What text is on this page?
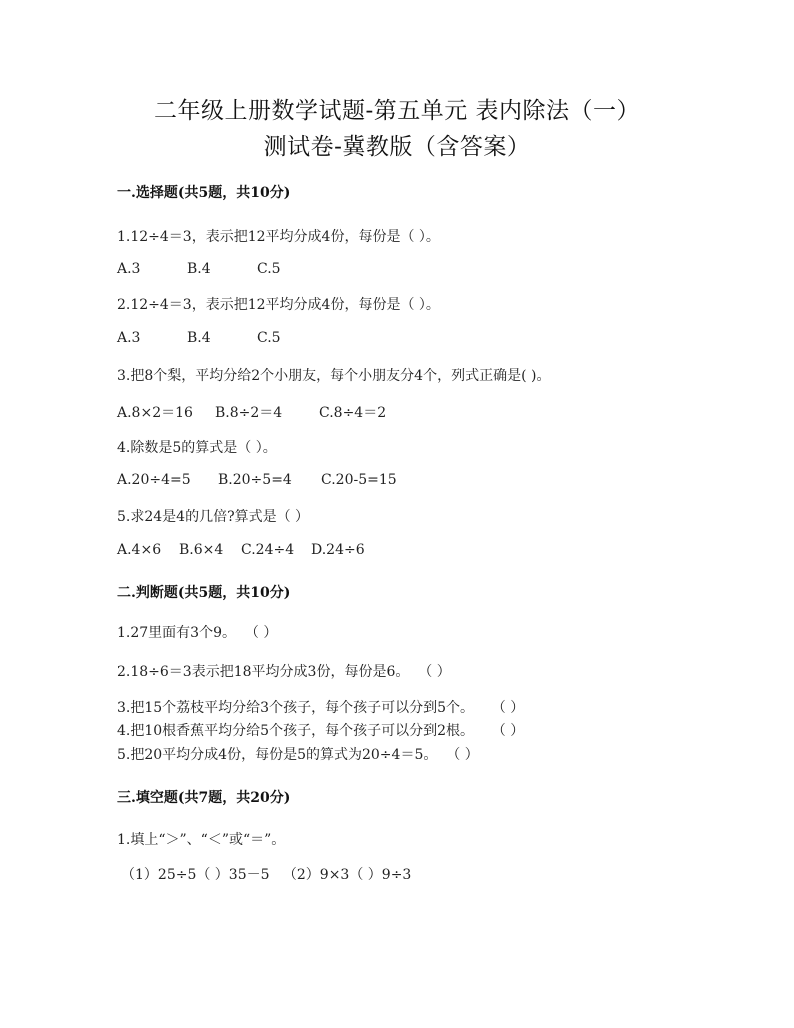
二年级上册数学试题-第五单元 表内除法（一）
测试卷-冀教版（含答案）
一.选择题(共5题，共10分)
1.12÷4＝3，表示把12平均分成4份，每份是（ ）。
A.3	B.4	C.5
2.12÷4＝3，表示把12平均分成4份，每份是（ ）。
A.3	B.4	C.5
3.把8个梨，平均分给2个小朋友，每个小朋友分4个，列式正确是( )。
A.8×2＝16 B.8÷2＝4	C.8÷4＝2
4.除数是5的算式是（ ）。
A.20÷4=5 B.20÷5=4 C.20-5=15
5.求24是4的几倍?算式是（ ）
A.4×6 B.6×4 C.24÷4 D.24÷6
二.判断题(共5题，共10分)
1.27里面有3个9。  （ ）
2.18÷6＝3表示把18平均分成3份，每份是6。  （ ）
3.把15个荔枝平均分给3个孩子，每个孩子可以分到5个。    （ ）
4.把10根香蕉平均分给5个孩子，每个孩子可以分到2根。    （ ）
5.把20平均分成4份，每份是5的算式为20÷4＝5。  （ ）
三.填空题(共7题，共20分)
1.填上“＞”、“＜”或“＝”。
（1）25÷5（ ）35－5   （2）9×3（ ）9÷3
